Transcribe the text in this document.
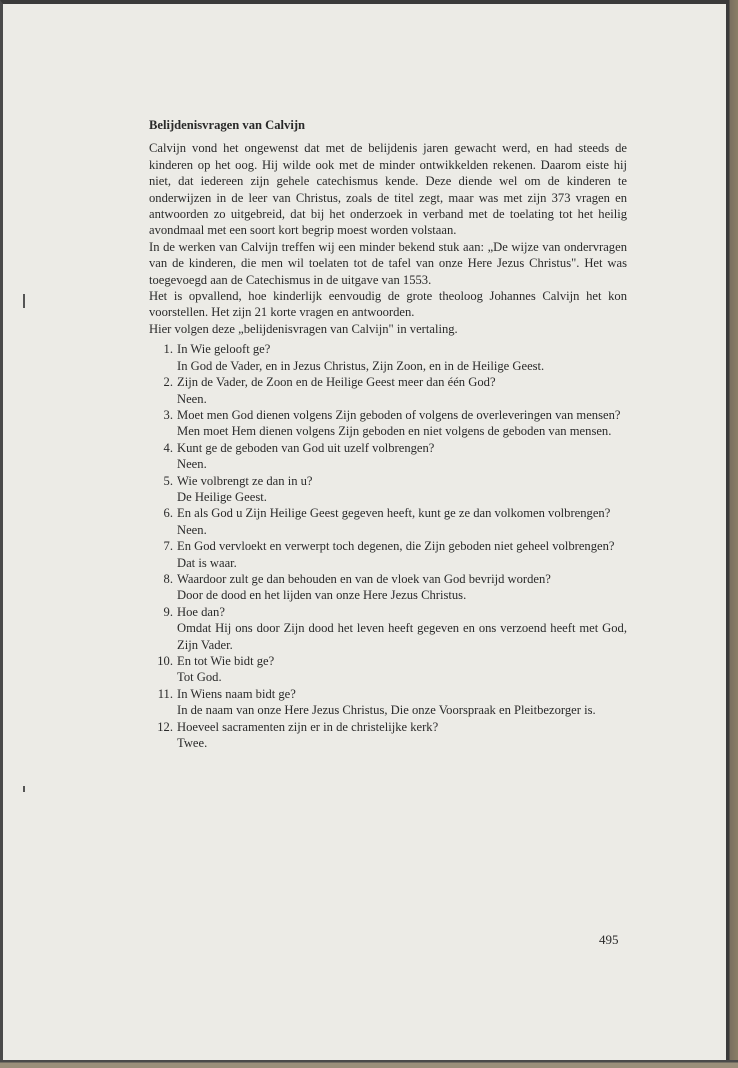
Belijdenisvragen van Calvijn

Calvijn vond het ongewenst dat met de belijdenis jaren gewacht werd, en had steeds de kinderen op het oog. Hij wilde ook met de minder ontwikkelden rekenen. Daarom eiste hij niet, dat iedereen zijn gehele catechismus kende. Deze diende wel om de kinderen te onderwijzen in de leer van Christus, zoals de titel zegt, maar was met zijn 373 vragen en antwoorden zo uitgebreid, dat bij het onderzoek in verband met de toelating tot het heilig avondmaal met een soort kort begrip moest worden volstaan.

In de werken van Calvijn treffen wij een minder bekend stuk aan: „De wijze van ondervragen van de kinderen, die men wil toelaten tot de tafel van onze Here Jezus Christus". Het was toegevoegd aan de Catechismus in de uitgave van 1553.

Het is opvallend, hoe kinderlijk eenvoudig de grote theoloog Johannes Calvijn het kon voorstellen. Het zijn 21 korte vragen en antwoorden.

Hier volgen deze „belijdenisvragen van Calvijn" in vertaling.

1. In Wie gelooft ge?
In God de Vader, en in Jezus Christus, Zijn Zoon, en in de Heilige Geest.
2. Zijn de Vader, de Zoon en de Heilige Geest meer dan één God?
Neen.
3. Moet men God dienen volgens Zijn geboden of volgens de overleveringen van mensen?
Men moet Hem dienen volgens Zijn geboden en niet volgens de geboden van mensen.
4. Kunt ge de geboden van God uit uzelf volbrengen?
Neen.
5. Wie volbrengt ze dan in u?
De Heilige Geest.
6. En als God u Zijn Heilige Geest gegeven heeft, kunt ge ze dan volkomen volbrengen?
Neen.
7. En God vervloekt en verwerpt toch degenen, die Zijn geboden niet geheel volbrengen?
Dat is waar.
8. Waardoor zult ge dan behouden en van de vloek van God bevrijd worden?
Door de dood en het lijden van onze Here Jezus Christus.
9. Hoe dan?
Omdat Hij ons door Zijn dood het leven heeft gegeven en ons verzoend heeft met God, Zijn Vader.
10. En tot Wie bidt ge?
Tot God.
11. In Wiens naam bidt ge?
In de naam van onze Here Jezus Christus, Die onze Voorspraak en Pleitbezorger is.
12. Hoeveel sacramenten zijn er in de christelijke kerk?
Twee.
495
